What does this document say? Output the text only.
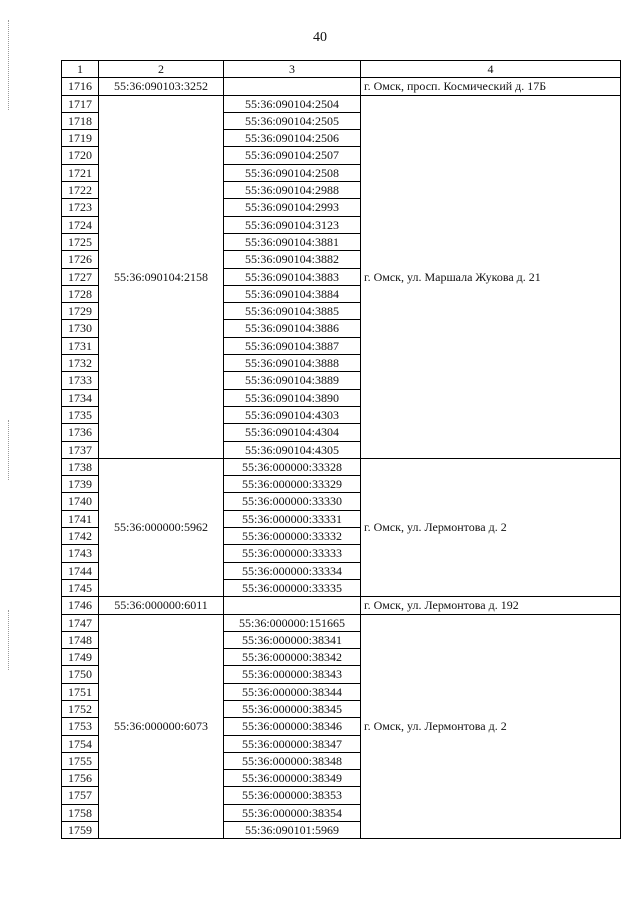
40
1	2	3	4
1716	55:36:090103:3252		г. Омск, просп. Космический д. 17Б
1717	55:36:090104:2158	55:36:090104:2504	г. Омск, ул. Маршала Жукова д. 21
1718		55:36:090104:2505	
1719		55:36:090104:2506	
1720		55:36:090104:2507	
1721		55:36:090104:2508	
1722		55:36:090104:2988	
1723		55:36:090104:2993	
1724		55:36:090104:3123	
1725		55:36:090104:3881	
1726		55:36:090104:3882	
1727		55:36:090104:3883	
1728		55:36:090104:3884	
1729		55:36:090104:3885	
1730		55:36:090104:3886	
1731		55:36:090104:3887	
1732		55:36:090104:3888	
1733		55:36:090104:3889	
1734		55:36:090104:3890	
1735		55:36:090104:4303	
1736		55:36:090104:4304	
1737		55:36:090104:4305	
1738	55:36:000000:5962	55:36:000000:33328	г. Омск, ул. Лермонтова д. 2
1739		55:36:000000:33329	
1740		55:36:000000:33330	
1741		55:36:000000:33331	
1742		55:36:000000:33332	
1743		55:36:000000:33333	
1744		55:36:000000:33334	
1745		55:36:000000:33335	
1746	55:36:000000:6011		г. Омск, ул. Лермонтова д. 192
1747	55:36:000000:6073	55:36:000000:151665	г. Омск, ул. Лермонтова д. 2
1748		55:36:000000:38341	
1749		55:36:000000:38342	
1750		55:36:000000:38343	
1751		55:36:000000:38344	
1752		55:36:000000:38345	
1753		55:36:000000:38346	
1754		55:36:000000:38347	
1755		55:36:000000:38348	
1756		55:36:000000:38349	
1757		55:36:000000:38353	
1758		55:36:000000:38354	
1759		55:36:090101:5969	
